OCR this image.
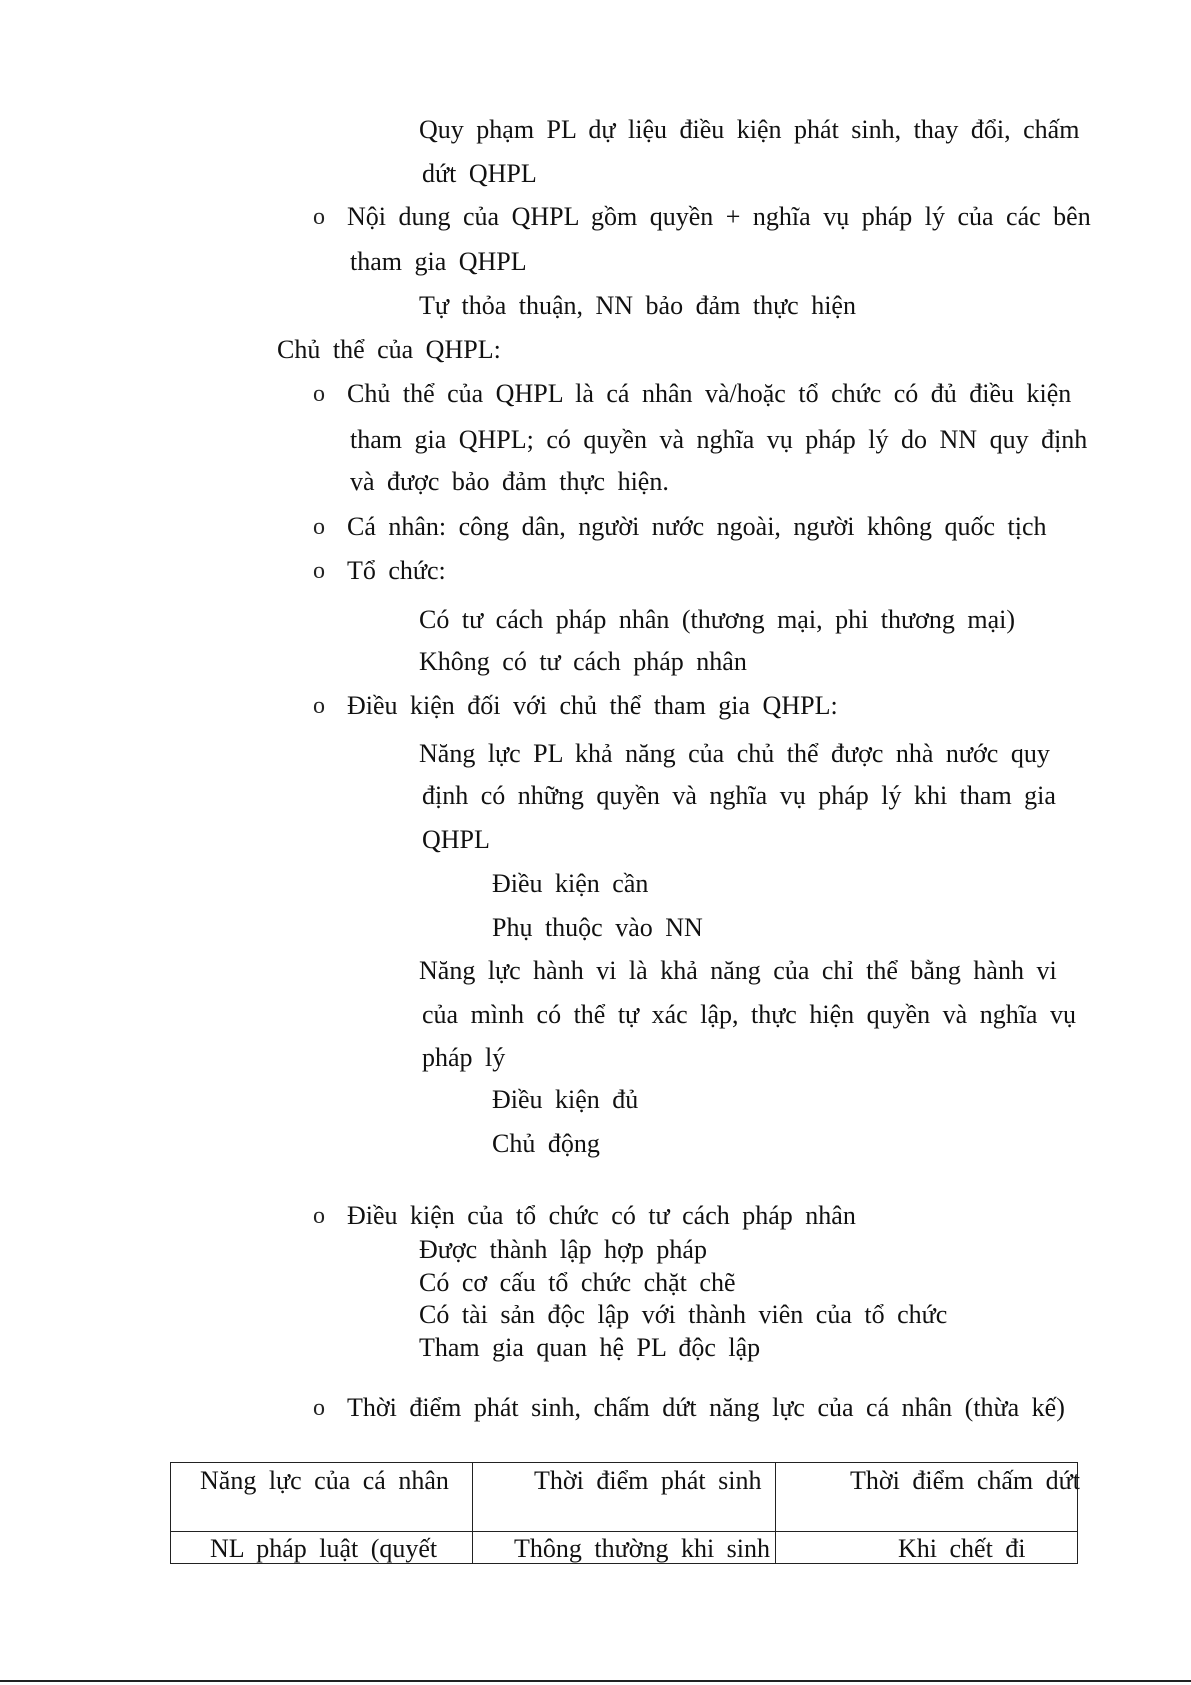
Quy phạm PL dự liệu điều kiện phát sinh, thay đổi, chấm
dứt QHPL
o Nội dung của QHPL gồm quyền + nghĩa vụ pháp lý của các bên
tham gia QHPL
Tự thỏa thuận, NN bảo đảm thực hiện
Chủ thể của QHPL:
o Chủ thể của QHPL là cá nhân và/hoặc tổ chức có đủ điều kiện
tham gia QHPL; có quyền và nghĩa vụ pháp lý do NN quy định
và được bảo đảm thực hiện.
o Cá nhân: công dân, người nước ngoài, người không quốc tịch
o Tổ chức:
Có tư cách pháp nhân (thương mại, phi thương mại)
Không có tư cách pháp nhân
o Điều kiện đối với chủ thể tham gia QHPL:
Năng lực PL khả năng của chủ thể được nhà nước quy
định có những quyền và nghĩa vụ pháp lý khi tham gia
QHPL
Điều kiện cần
Phụ thuộc vào NN
Năng lực hành vi là khả năng của chỉ thể bằng hành vi
của mình có thể tự xác lập, thực hiện quyền và nghĩa vụ
pháp lý
Điều kiện đủ
Chủ động
o Điều kiện của tổ chức có tư cách pháp nhân
Được thành lập hợp pháp
Có cơ cấu tổ chức chặt chẽ
Có tài sản độc lập với thành viên của tổ chức
Tham gia quan hệ PL độc lập
o Thời điểm phát sinh, chấm dứt năng lực của cá nhân (thừa kế)
Năng lực của cá nhân	Thời điểm phát sinh	Thời điểm chấm dứt
NL pháp luật (quyết	Thông thường khi sinh	Khi chết đi
